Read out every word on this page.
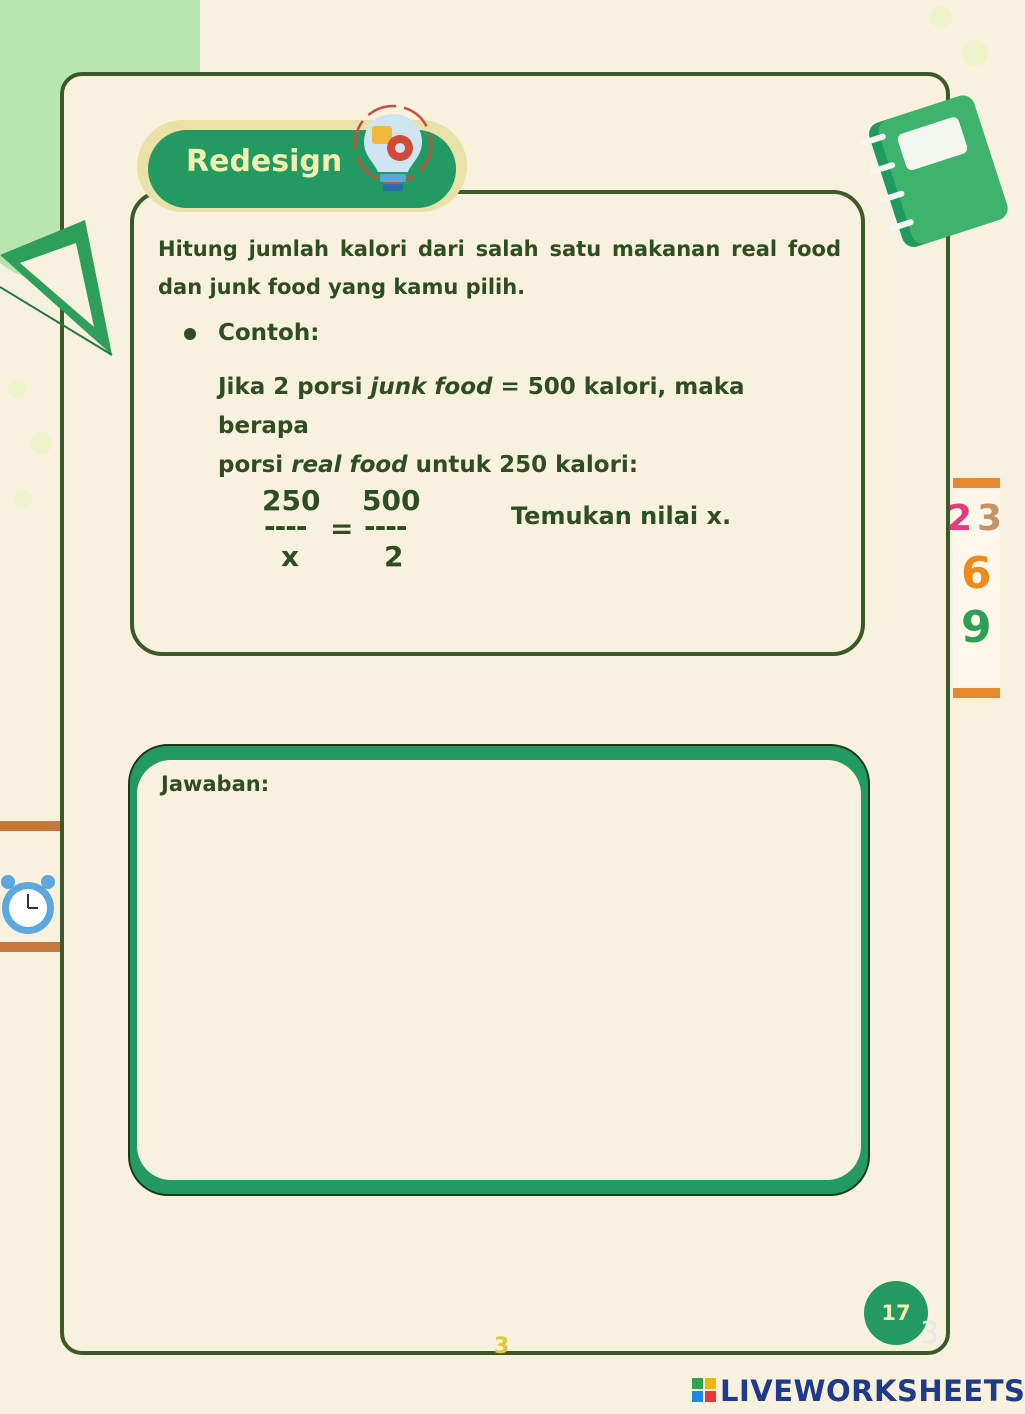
2 3
6
9
Redesign
Hitung jumlah kalori dari salah satu makanan real food dan junk food yang kamu pilih.
Contoh:
Jika 2 porsi junk food = 500 kalori, maka berapa
porsi real food untuk 250 kalori:
250
----
x
=
500
----
2
Temukan nilai x.
Jawaban:
17
3
3
LIVEWORKSHEETS
